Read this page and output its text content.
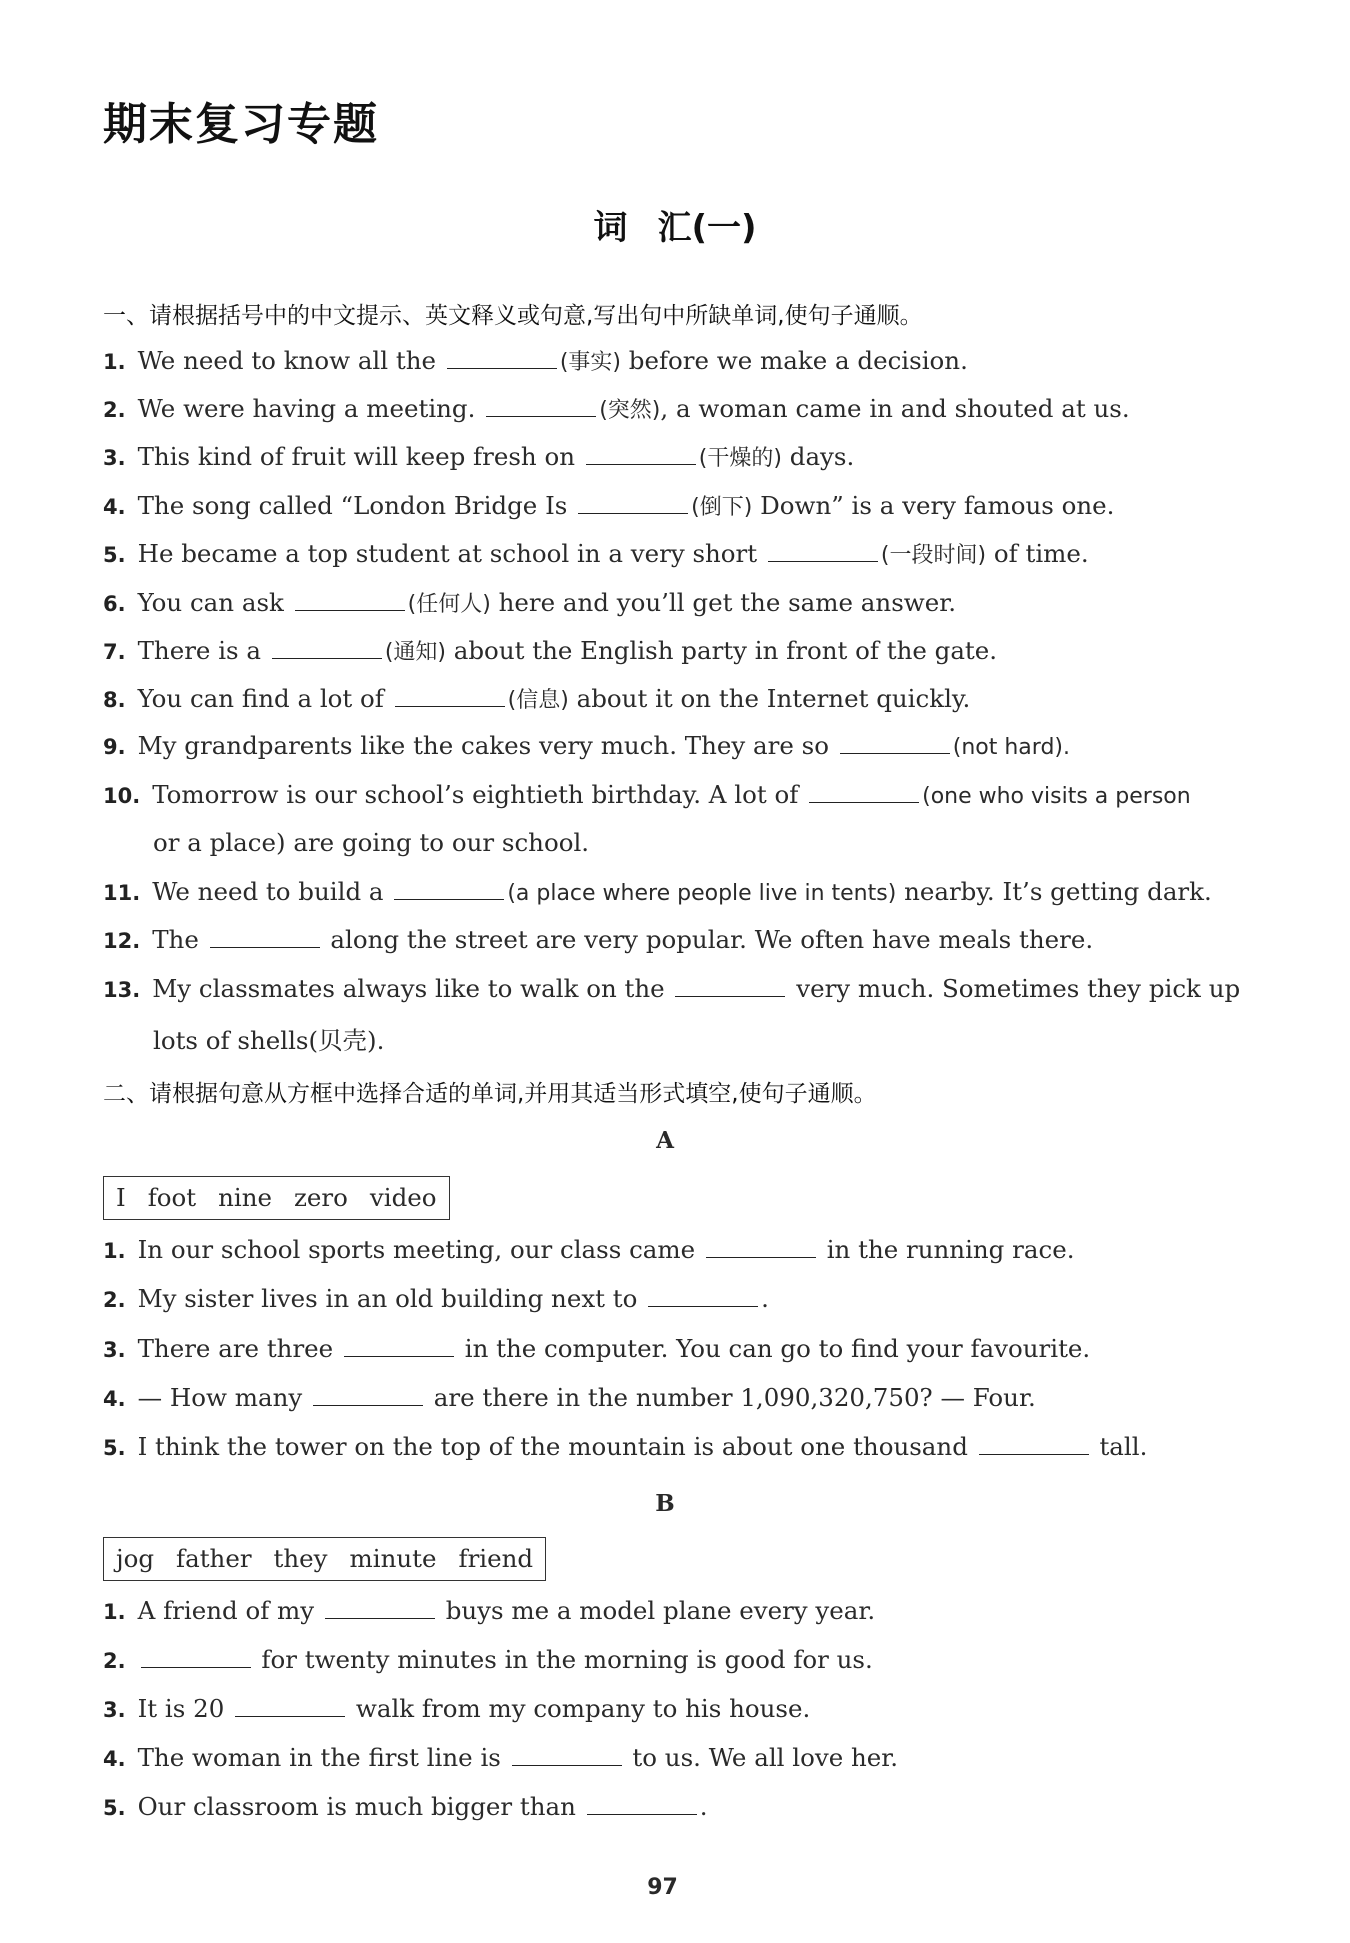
期末复习专题
词 汇(一)
一、请根据括号中的中文提示、英文释义或句意,写出句中所缺单词,使句子通顺。
1. We need to know all the	(事实) before we make a decision.
2. We were having a meeting.	(突然), a woman came in and shouted at us.
3. This kind of fruit will keep fresh on	(干燥的) days.
4. The song called “London Bridge Is	(倒下) Down” is a very famous one.
5. He became a top student at school in a very short	(一段时间) of time.
6. You can ask	(任何人) here and you’ll get the same answer.
7. There is a	(通知) about the English party in front of the gate.
8. You can find a lot of	(信息) about it on the Internet quickly.
9. My grandparents like the cakes very much. They are so	(not hard).
10. Tomorrow is our school’s eightieth birthday. A lot of	(one who visits a person
or a place) are going to our school.
11. We need to build a	(a place where people live in tents) nearby. It’s getting dark.
12. The	along the street are very popular. We often have meals there.
13. My classmates always like to walk on the	very much. Sometimes they pick up
lots of shells(贝壳).
二、请根据句意从方框中选择合适的单词,并用其适当形式填空,使句子通顺。
A
I foot nine zero video
1. In our school sports meeting, our class came	in the running race.
2. My sister lives in an old building next to	.
3. There are three	in the computer. You can go to find your favourite.
4. — How many	are there in the number 1,090,320,750? — Four.
5. I think the tower on the top of the mountain is about one thousand	tall.
B
jog father they minute friend
1. A friend of my	buys me a model plane every year.
2.	for twenty minutes in the morning is good for us.
3. It is 20	walk from my company to his house.
4. The woman in the first line is	to us. We all love her.
5. Our classroom is much bigger than	.
97
